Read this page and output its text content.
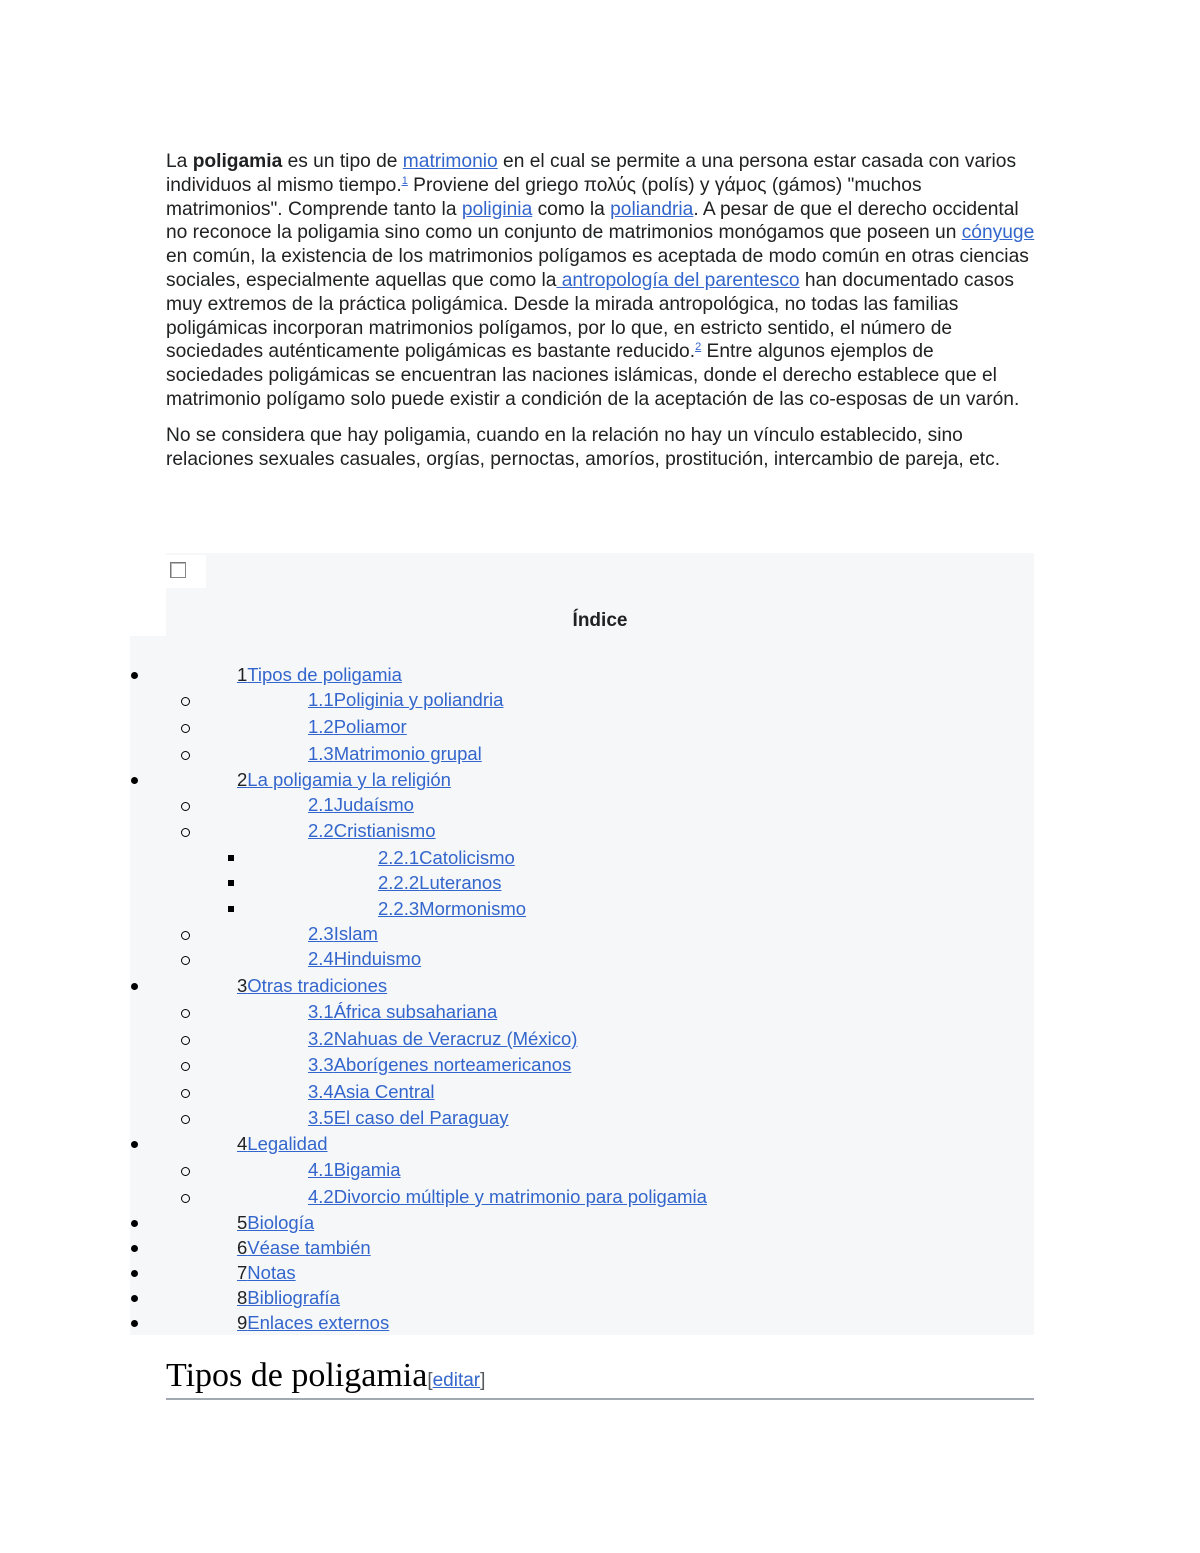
La poligamia es un tipo de matrimonio en el cual se permite a una persona estar casada con varios individuos al mismo tiempo.$^1$ Proviene del griego πολύς (polís) y γάμος (gámos) "muchos matrimonios". Comprende tanto la poliginia como la poliandria. A pesar de que el derecho occidental no reconoce la poligamia sino como un conjunto de matrimonios monógamos que poseen un cónyuge en común, la existencia de los matrimonios polígamos es aceptada de modo común en otras ciencias sociales, especialmente aquellas que como la antropología del parentesco han documentado casos muy extremos de la práctica poligámica. Desde la mirada antropológica, no todas las familias poligámicas incorporan matrimonios polígamos, por lo que, en estricto sentido, el número de sociedades auténticamente poligámicas es bastante reducido.$^2$ Entre algunos ejemplos de sociedades poligámicas se encuentran las naciones islámicas, donde el derecho establece que el matrimonio polígamo solo puede existir a condición de la aceptación de las co-esposas de un varón.

No se considera que hay poligamia, cuando en la relación no hay un vínculo establecido, sino relaciones sexuales casuales, orgías, pernoctas, amoríos, prostitución, intercambio de pareja, etc.

Índice
1Tipos de poligamia
1.1Poliginia y poliandria
1.2Poliamor
1.3Matrimonio grupal
2La poligamia y la religión
2.1Judaísmo
2.2Cristianismo
2.2.1Catolicismo
2.2.2Luteranos
2.2.3Mormonismo
2.3Islam
2.4Hinduismo
3Otras tradiciones
3.1África subsahariana
3.2Nahuas de Veracruz (México)
3.3Aborígenes norteamericanos
3.4Asia Central
3.5El caso del Paraguay
4Legalidad
4.1Bigamia
4.2Divorcio múltiple y matrimonio para poligamia
5Biología
6Véase también
7Notas
8Bibliografía
9Enlaces externos
Tipos de poligamia[editar]
